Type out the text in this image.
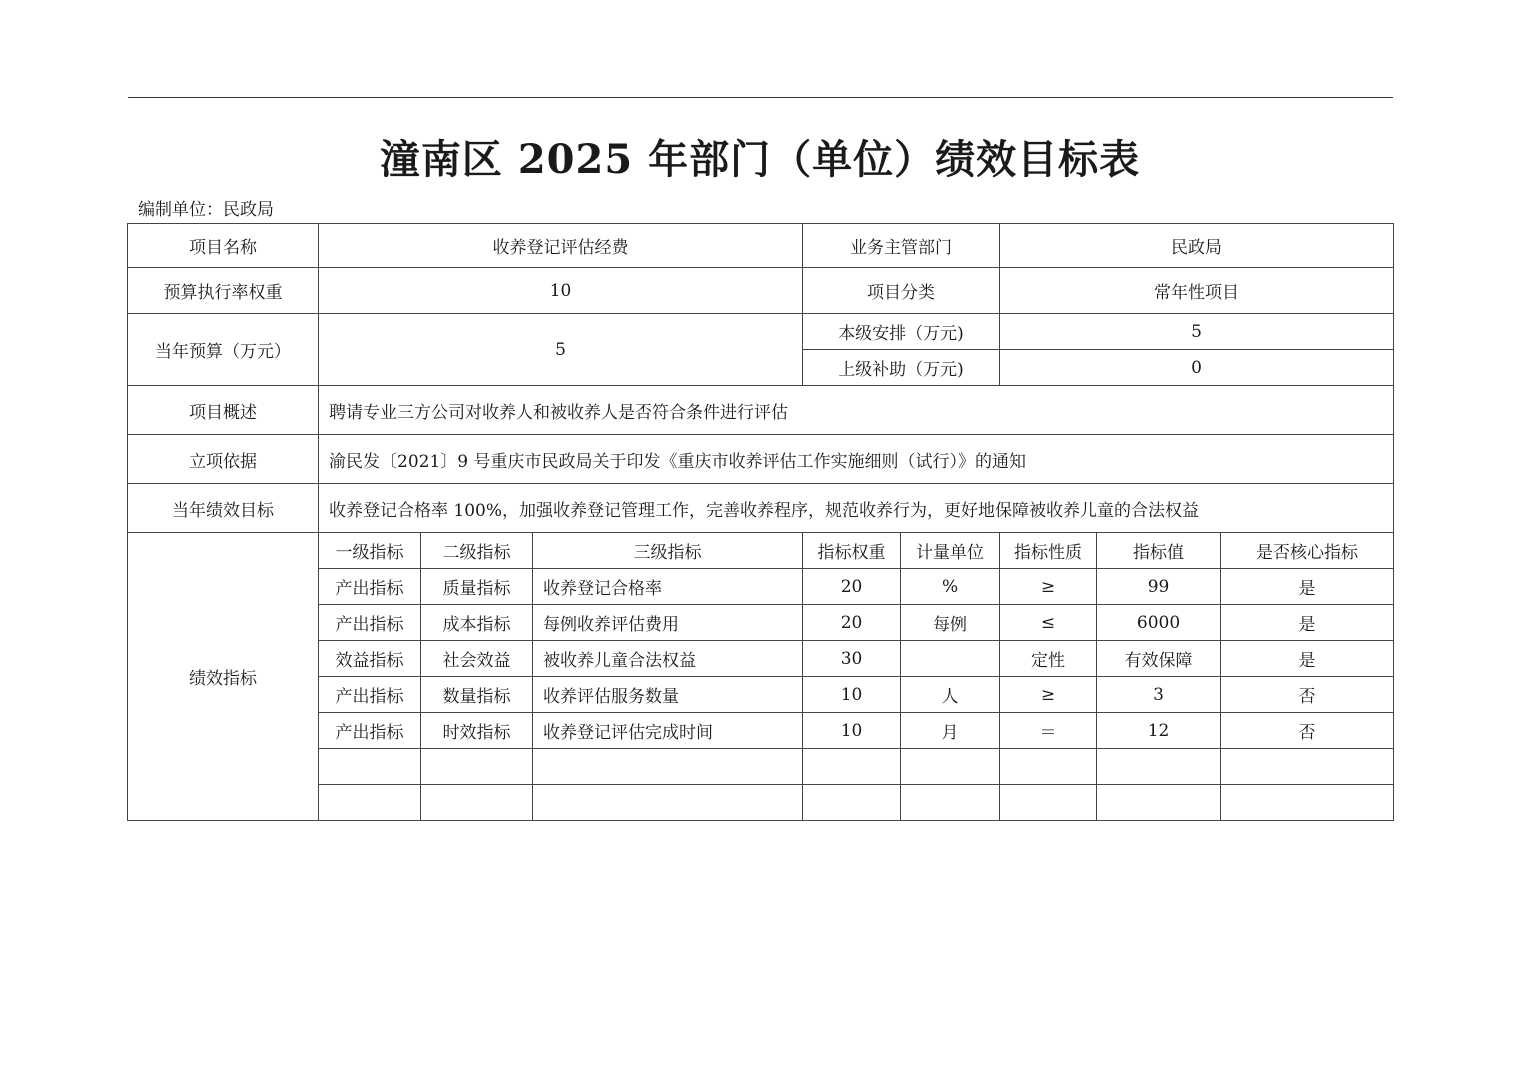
潼南区 2025 年部门（单位）绩效目标表
编制单位：民政局
项目名称	收养登记评估经费			业务主管部门		民政局		
预算执行率权重	10			项目分类		常年性项目		
当年预算（万元）	5			本级安排（万元)		5		
				上级补助（万元)		0		
项目概述	聘请专业三方公司对收养人和被收养人是否符合条件进行评估							
立项依据	渝民发〔2021〕9 号重庆市民政局关于印发《重庆市收养评估工作实施细则（试行）》的通知							
当年绩效目标	收养登记合格率 100%，加强收养登记管理工作，完善收养程序，规范收养行为，更好地保障被收养儿童的合法权益							
绩效指标	一级指标	二级指标	三级指标	指标权重	计量单位	指标性质	指标值	是否核心指标
	产出指标	质量指标	收养登记合格率	20	%	≥	99	是
	产出指标	成本指标	每例收养评估费用	20	每例	≤	6000	是
	效益指标	社会效益	被收养儿童合法权益	30		定性	有效保障	是
	产出指标	数量指标	收养评估服务数量	10	人	≥	3	否
	产出指标	时效指标	收养登记评估完成时间	10	月	＝	12	否
